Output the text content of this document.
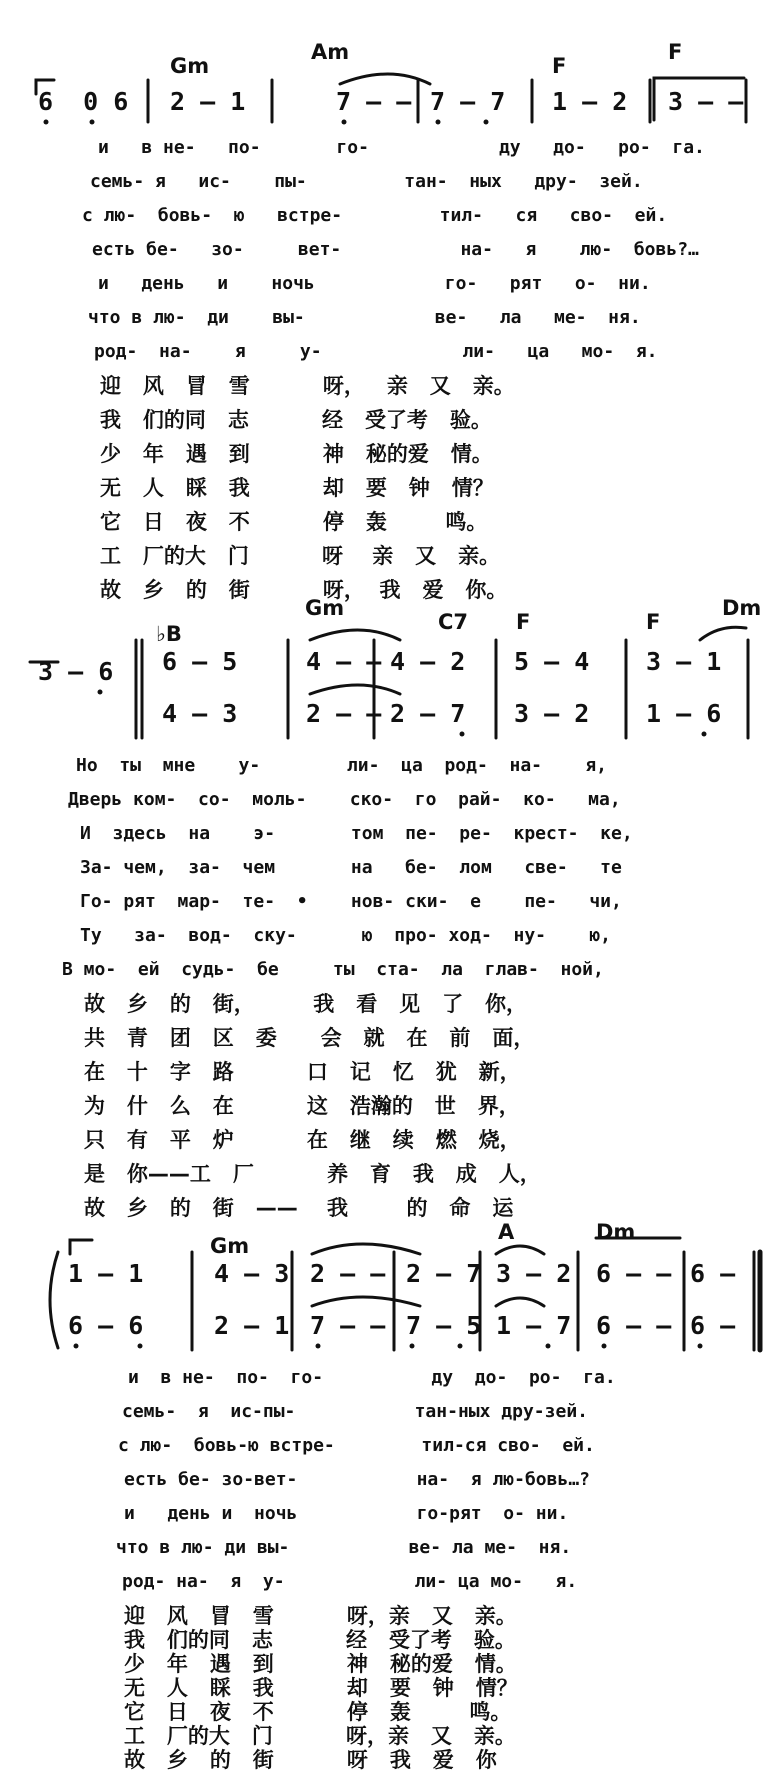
Gm
Am
F
F
6  0 6 2 — 1	7 — — 7 — 7 1 — 2 3 — —
и   в не-   по-       го-            ду   до-   ро-  га.
семь- я   ис-    пы-         тан-  ных   дру-  зей.
с лю-  бовь-  ю   встре-         тил-   ся   сво-  ей.
есть бе-   зо-     вет-           на-   я    лю-  бовь?…
и   день   и    ночь            го-   рят   о-  ни.
что в лю-  ди    вы-            ве-   ла   ме-  ня.
род-  на-    я     у-             ли-   ца   мо-  я.
迎   风   冒   雪          呀，   亲   又   亲。
我   们的同   志          经   受了考   验。
少   年   遇   到          神   秘的爱   情。
无   人   睬   我          却   要   钟   情？
它   日   夜   不          停   轰        鸣。
工   厂的大   门          呀    亲   又   亲。
故   乡   的   街          呀，  我   爱   你。
♭B
Gm
C7 F	F
Dm
3 — 6 6 — 5	4 — — 4 — 2 5 — 4 3 — 1
4 — 3	2 — — 2 — 7 3 — 2 1 — 6
Но  ты  мне    у-        ли-  ца  род-  на-    я,
Дверь ком-  со-  моль-    ско-  го  рай-  ко-   ма,
И  здесь  на    э-       том  пе-  ре-  крест-  ке,
За- чем,  за-  чем       на   бе-  лом   све-   те
Го- рят  мар-  те-  •    нов- ски-  е    пе-   чи,
Ту   за-  вод-  ску-      ю  про- ход-  ну-    ю,
В мо-  ей  судь-  бе     ты  ста-  ла  глав-  ной,
故   乡   的   街，        我   看   见   了   你，
共   青   团   区   委      会   就   在   前   面，
在   十   字   路          口   记   忆   犹   新，
为   什   么   在          这   浩瀚的   世   界，
只   有   平   炉          在   继   续   燃   烧，
是   你——工   厂          养   育   我   成   人，
故   乡   的   街   ——    我        的   命   运
Gm
A	Dm
1 — 1	4 — 3 2 — — 2 — 7 3 — 2 6 — — 6 —
6 — 6	2 — 1 7 — — 7 — 5 1 — 7 6 — — 6 —
и  в не-  по-  го-          ду  до-  ро-  га.
семь-  я  ис-пы-           тан-ных дру-зей.
с лю-  бовь-ю встре-        тил-ся сво-  ей.
есть бе- зо-вет-           на-  я лю-бовь…?
и   день и  ночь           го-рят  о- ни.
что в лю- ди вы-           ве- ла ме-  ня.
род- на-  я  у-            ли- ца мо-   я.
迎   风   冒   雪          呀，亲   又   亲。
我   们的同   志          经   受了考   验。
少   年   遇   到          神   秘的爱   情。
无   人   睬   我          却   要   钟   情？
它   日   夜   不          停   轰        鸣。
工   厂的大   门          呀，亲   又   亲。
故   乡   的   街          呀   我   爱   你
